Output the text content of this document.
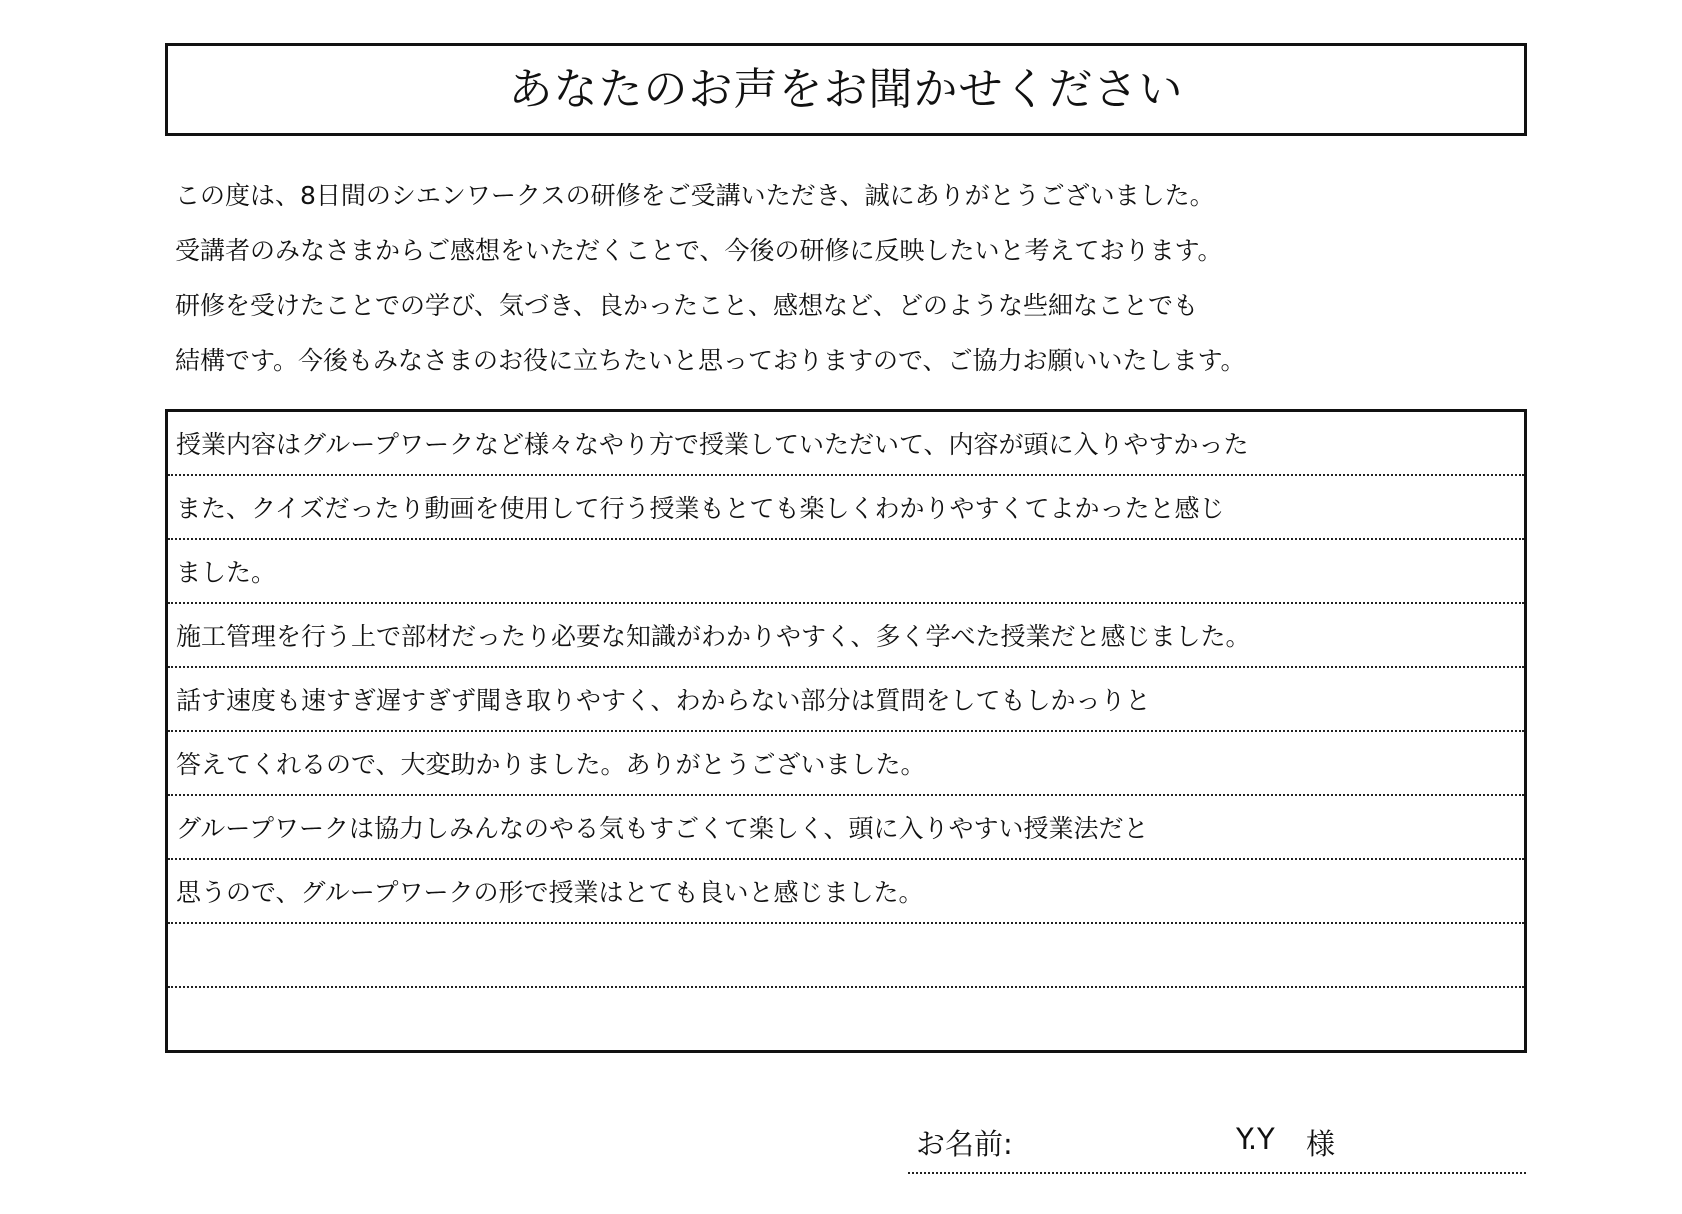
あなたのお声をお聞かせください
この度は、8日間のシエンワークスの研修をご受講いただき、誠にありがとうございました。
受講者のみなさまからご感想をいただくことで、今後の研修に反映したいと考えております。
研修を受けたことでの学び、気づき、良かったこと、感想など、どのような些細なことでも
結構です。今後もみなさまのお役に立ちたいと思っておりますので、ご協力お願いいたします。
授業内容はグループワークなど様々なやり方で授業していただいて、内容が頭に入りやすかった
また、クイズだったり動画を使用して行う授業もとても楽しくわかりやすくてよかったと感じ
ました。
施工管理を行う上で部材だったり必要な知識がわかりやすく、多く学べた授業だと感じました。
話す速度も速すぎ遅すぎず聞き取りやすく、わからない部分は質問をしてもしかっりと
答えてくれるので、大変助かりました。ありがとうございました。
グループワークは協力しみんなのやる気もすごくて楽しく、頭に入りやすい授業法だと
思うので、グループワークの形で授業はとても良いと感じました。
お名前:	Y.Y 様
